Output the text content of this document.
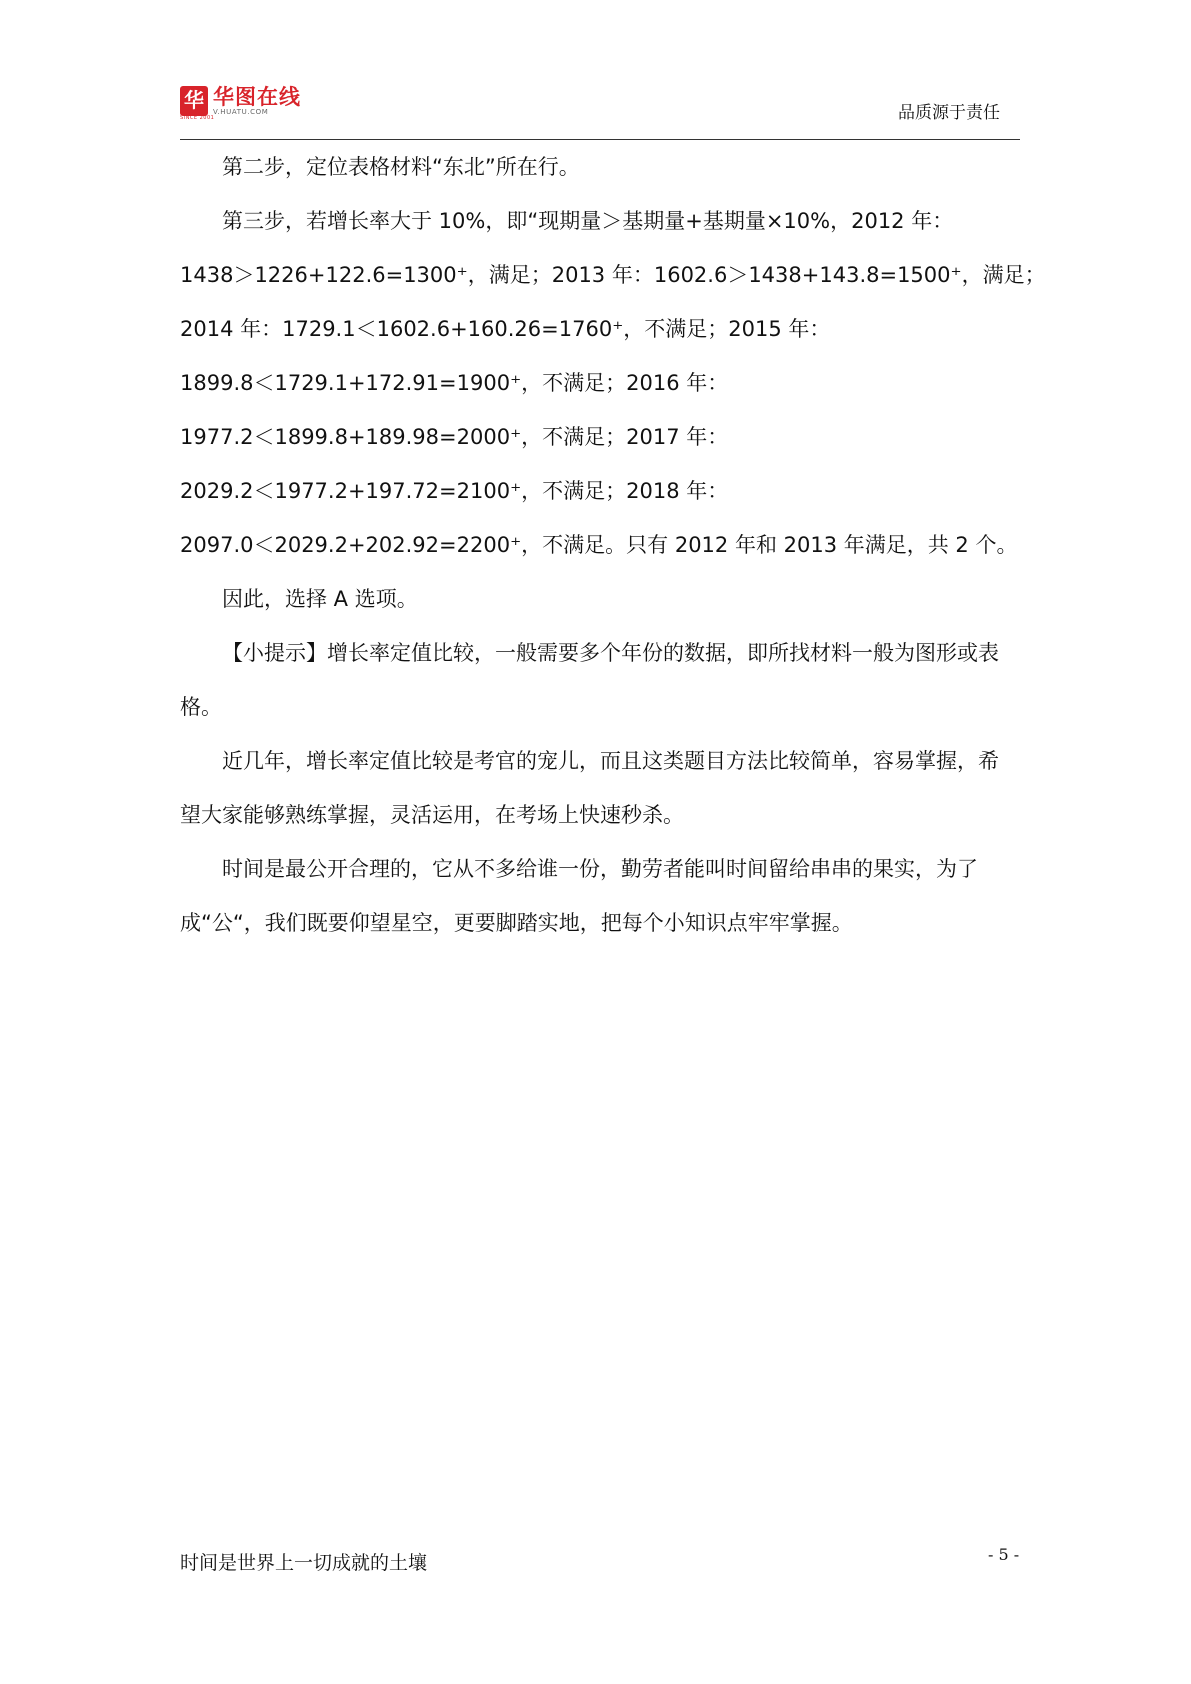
华 华图在线
V.HUATU.COM
SINCE 2001	品质源于责任

第二步，定位表格材料“东北”所在行。

第三步，若增长率大于 10%，即“现期量＞基期量+基期量×10%，2012 年：

1438＞1226+122.6=1300⁺，满足；2013 年：1602.6＞1438+143.8=1500⁺，满足；

2014 年：1729.1＜1602.6+160.26=1760⁺，不满足；2015 年：

1899.8＜1729.1+172.91=1900⁺，不满足；2016 年：

1977.2＜1899.8+189.98=2000⁺，不满足；2017 年：

2029.2＜1977.2+197.72=2100⁺，不满足；2018 年：

2097.0＜2029.2+202.92=2200⁺，不满足。只有 2012 年和 2013 年满足，共 2 个。

因此，选择 A 选项。

【小提示】增长率定值比较，一般需要多个年份的数据，即所找材料一般为图形或表格。

近几年，增长率定值比较是考官的宠儿，而且这类题目方法比较简单，容易掌握，希望大家能够熟练掌握，灵活运用，在考场上快速秒杀。

时间是最公开合理的，它从不多给谁一份，勤劳者能叫时间留给串串的果实，为了成“公“，我们既要仰望星空，更要脚踏实地，把每个小知识点牢牢掌握。

时间是世界上一切成就的土壤	- 5 -
